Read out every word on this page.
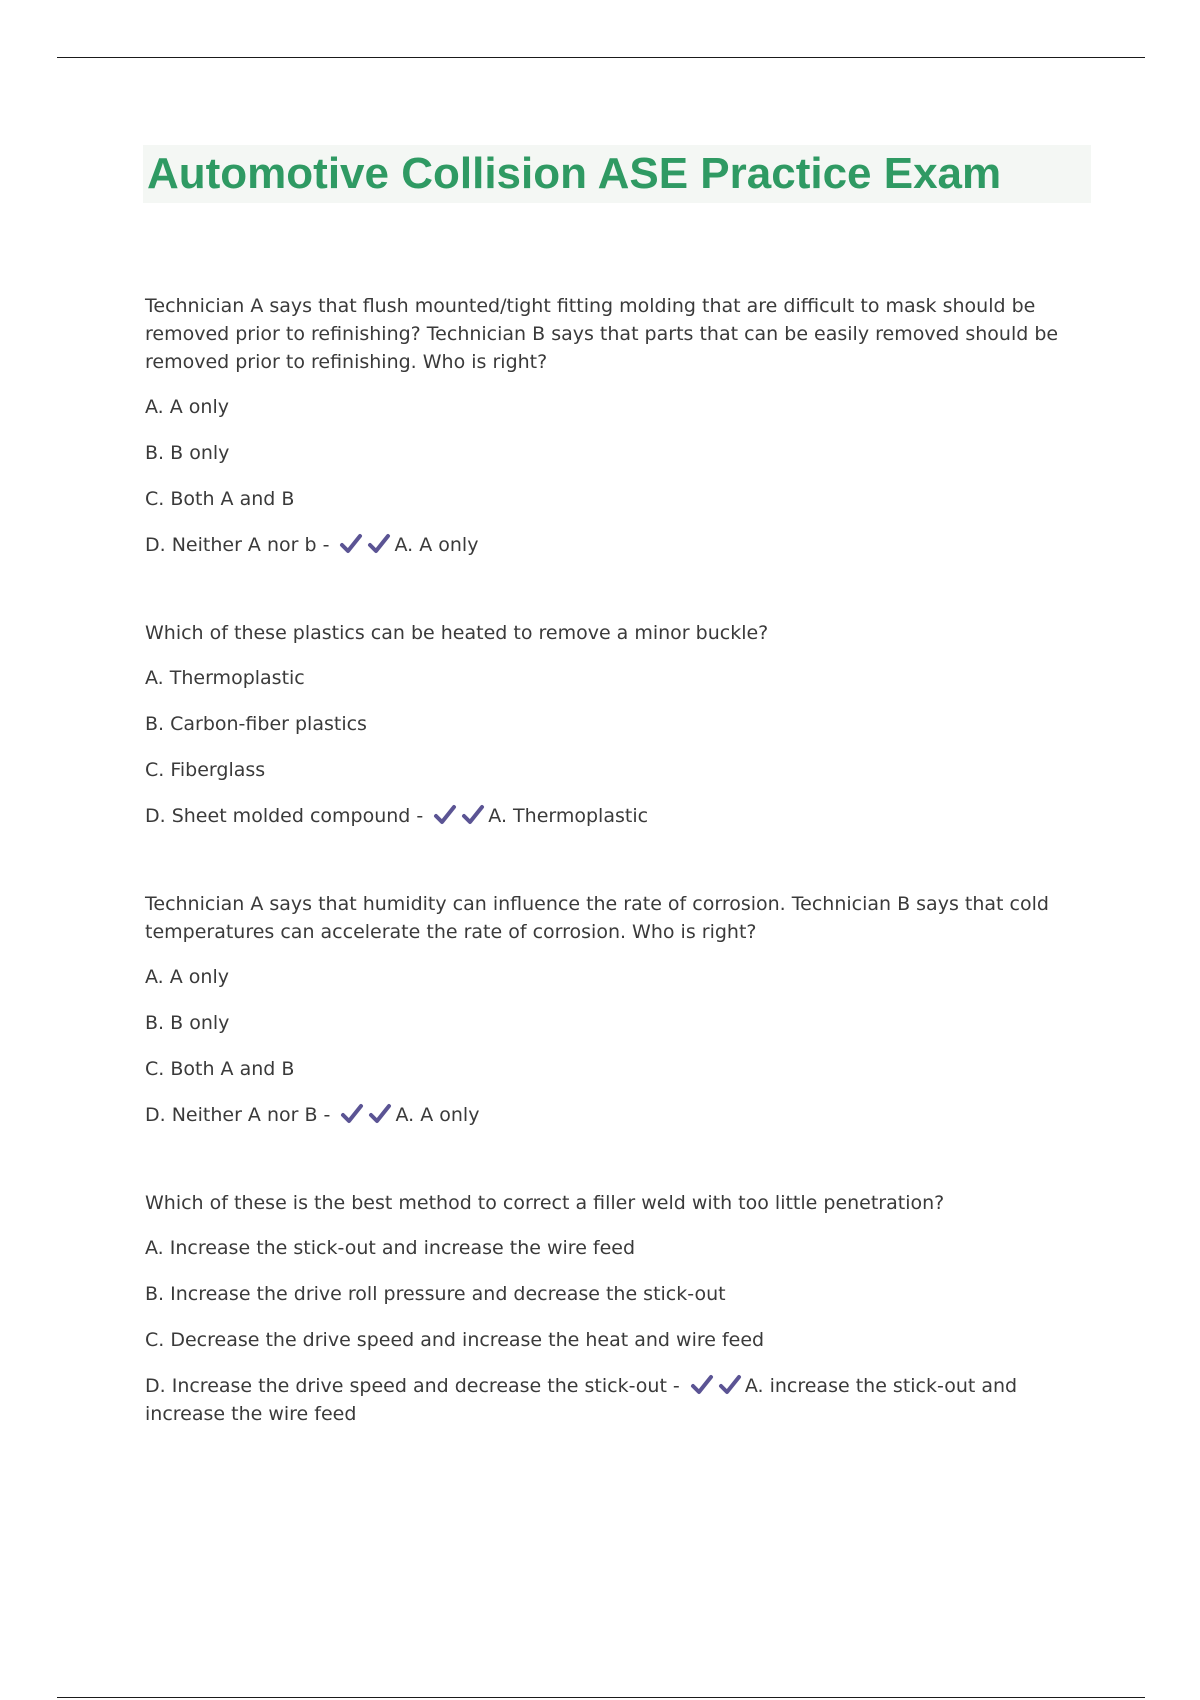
Automotive Collision ASE Practice Exam

Technician A says that flush mounted/tight fitting molding that are difficult to mask should be removed prior to refinishing? Technician B says that parts that can be easily removed should be removed prior to refinishing. Who is right?

A. A only

B. B only

C. Both A and B

D. Neither A nor b -	A. A only

Which of these plastics can be heated to remove a minor buckle?

A. Thermoplastic

B. Carbon-fiber plastics

C. Fiberglass

D. Sheet molded compound -	A. Thermoplastic

Technician A says that humidity can influence the rate of corrosion. Technician B says that cold temperatures can accelerate the rate of corrosion. Who is right?

A. A only

B. B only

C. Both A and B

D. Neither A nor B -	A. A only

Which of these is the best method to correct a filler weld with too little penetration?

A. Increase the stick-out and increase the wire feed

B. Increase the drive roll pressure and decrease the stick-out

C. Decrease the drive speed and increase the heat and wire feed

D. Increase the drive speed and decrease the stick-out -	A. increase the stick-out and increase the wire feed
